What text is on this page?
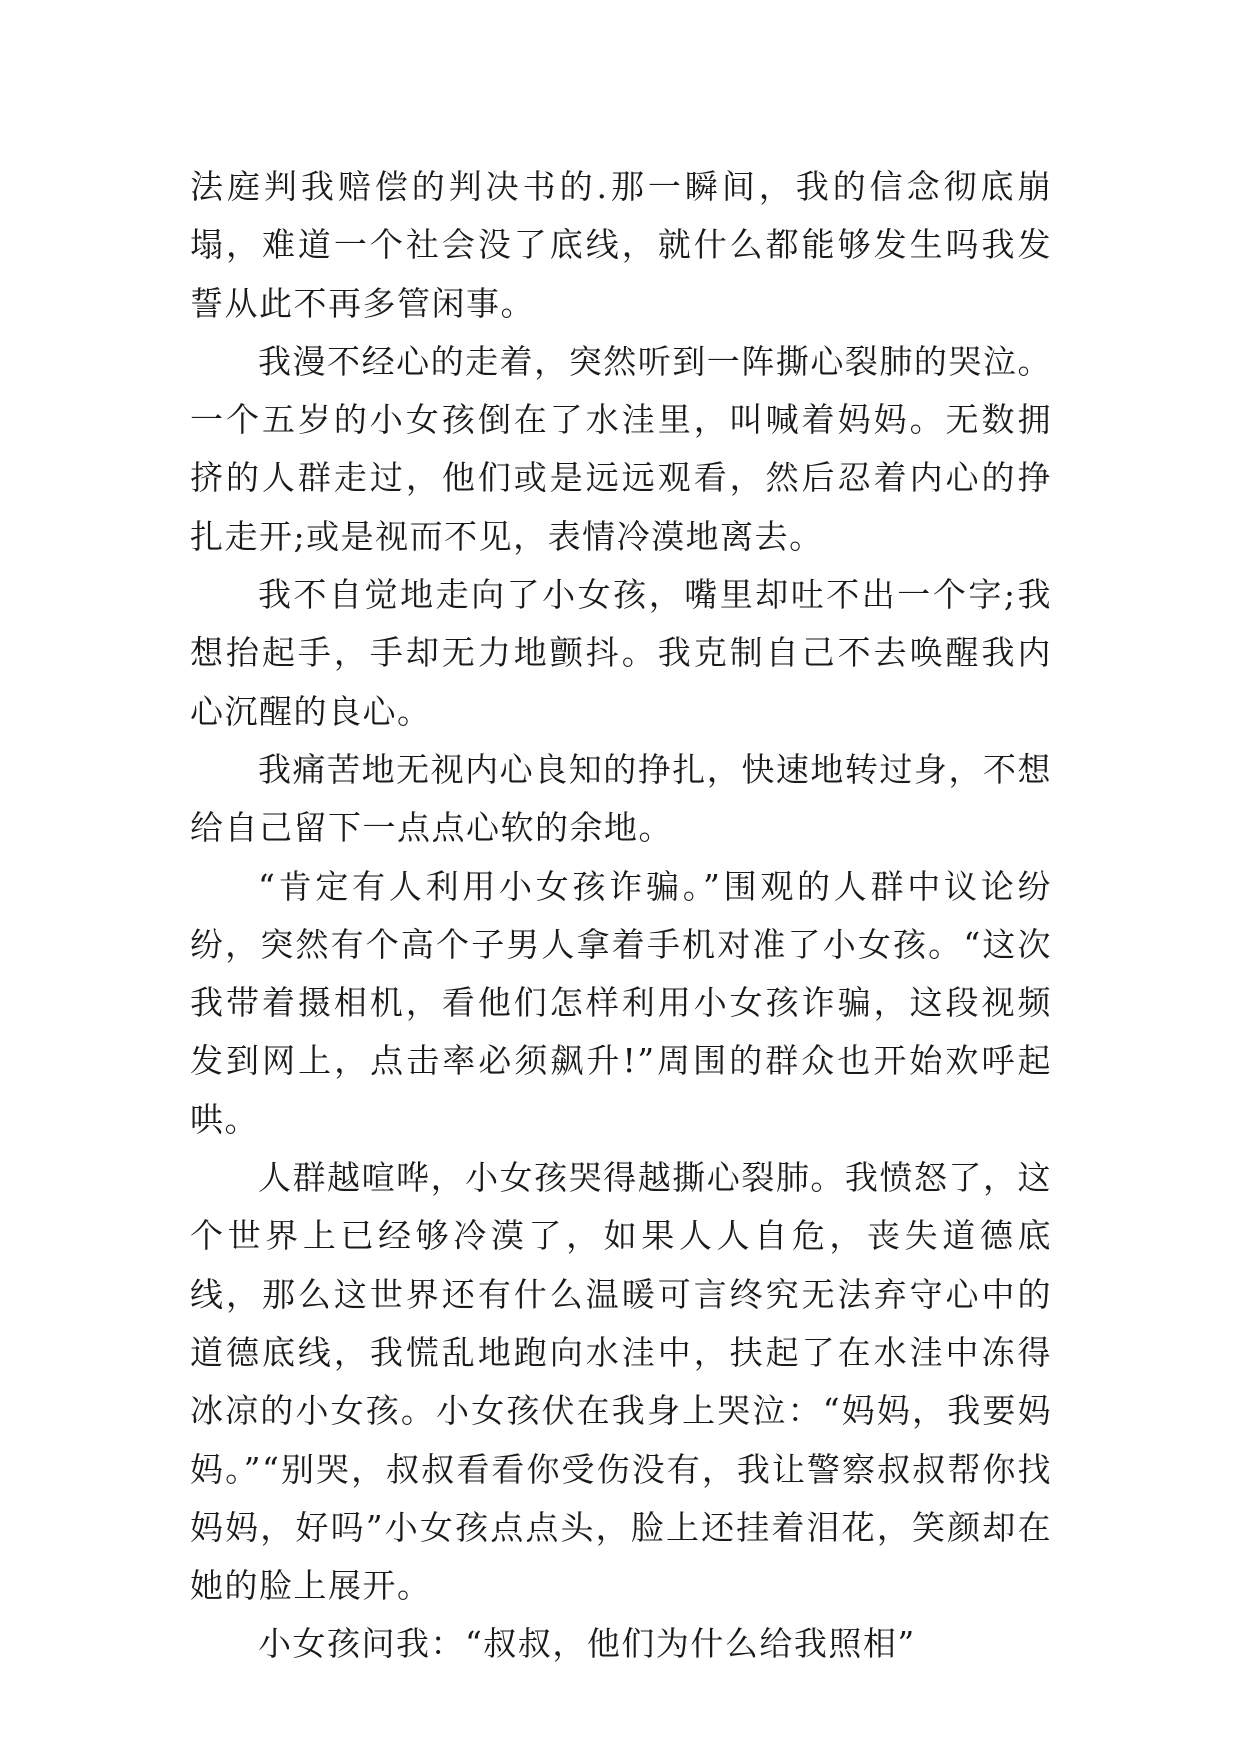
法庭判我赔偿的判决书的.那一瞬间，我的信念彻底崩塌，难道一个社会没了底线，就什么都能够发生吗我发誓从此不再多管闲事。

我漫不经心的走着，突然听到一阵撕心裂肺的哭泣。一个五岁的小女孩倒在了水洼里，叫喊着妈妈。无数拥挤的人群走过，他们或是远远观看，然后忍着内心的挣扎走开;或是视而不见，表情冷漠地离去。

我不自觉地走向了小女孩，嘴里却吐不出一个字;我想抬起手，手却无力地颤抖。我克制自己不去唤醒我内心沉醒的良心。

我痛苦地无视内心良知的挣扎，快速地转过身，不想给自己留下一点点心软的余地。

“肯定有人利用小女孩诈骗。”围观的人群中议论纷纷，突然有个高个子男人拿着手机对准了小女孩。“这次我带着摄相机，看他们怎样利用小女孩诈骗，这段视频发到网上，点击率必须飙升!”周围的群众也开始欢呼起哄。

人群越喧哗，小女孩哭得越撕心裂肺。我愤怒了，这个世界上已经够冷漠了，如果人人自危，丧失道德底线，那么这世界还有什么温暖可言终究无法弃守心中的道德底线，我慌乱地跑向水洼中，扶起了在水洼中冻得冰凉的小女孩。小女孩伏在我身上哭泣：“妈妈，我要妈妈。”“别哭，叔叔看看你受伤没有，我让警察叔叔帮你找妈妈，好吗”小女孩点点头，脸上还挂着泪花，笑颜却在她的脸上展开。

小女孩问我：“叔叔，他们为什么给我照相”
